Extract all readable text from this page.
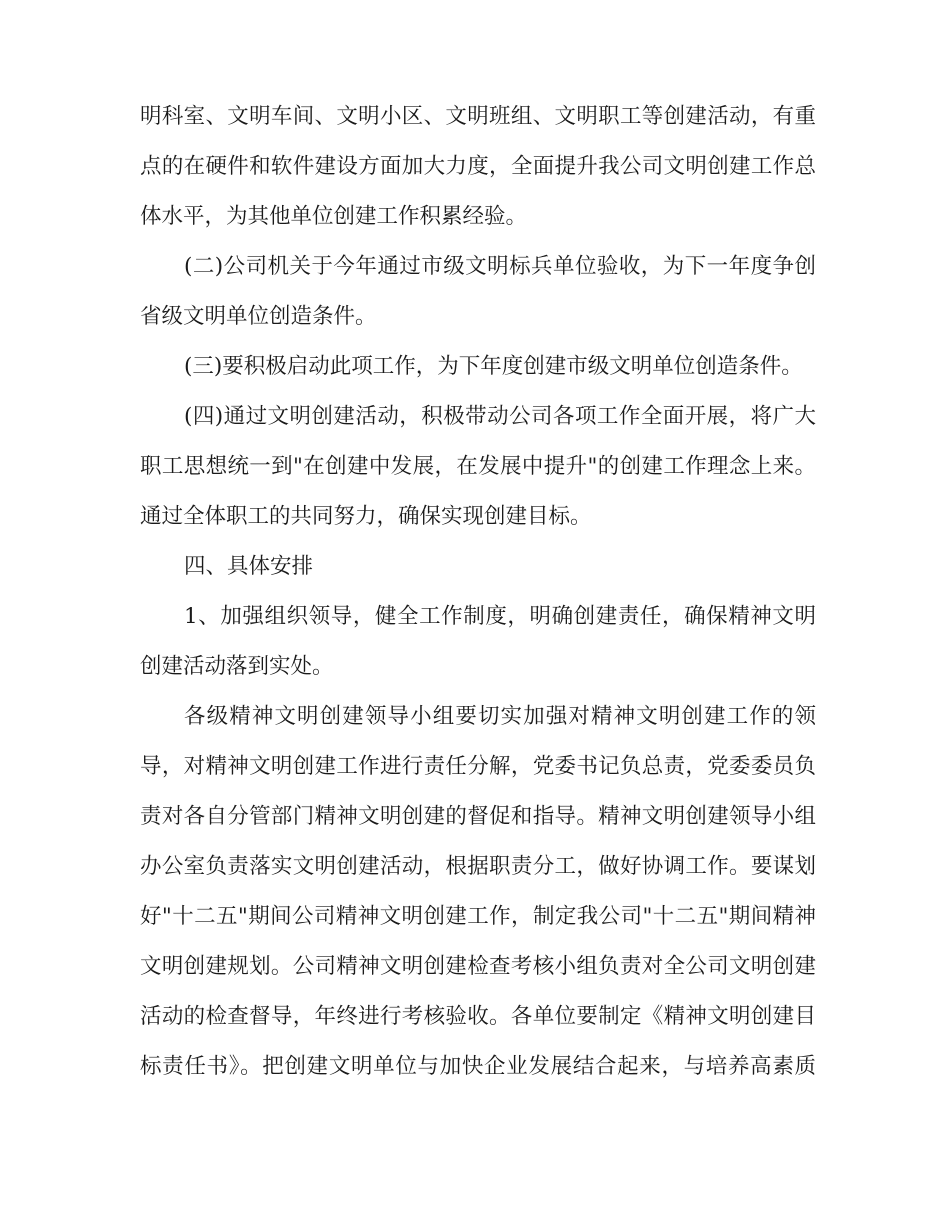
明科室、文明车间、文明小区、文明班组、文明职工等创建活动，有重
点的在硬件和软件建设方面加大力度，全面提升我公司文明创建工作总
体水平，为其他单位创建工作积累经验。
(二)公司机关于今年通过市级文明标兵单位验收，为下一年度争创
省级文明单位创造条件。
(三)要积极启动此项工作，为下年度创建市级文明单位创造条件。
(四)通过文明创建活动，积极带动公司各项工作全面开展，将广大
职工思想统一到"在创建中发展，在发展中提升"的创建工作理念上来。
通过全体职工的共同努力，确保实现创建目标。
四、具体安排
1、加强组织领导，健全工作制度，明确创建责任，确保精神文明
创建活动落到实处。
各级精神文明创建领导小组要切实加强对精神文明创建工作的领
导，对精神文明创建工作进行责任分解，党委书记负总责，党委委员负
责对各自分管部门精神文明创建的督促和指导。精神文明创建领导小组
办公室负责落实文明创建活动，根据职责分工，做好协调工作。要谋划
好"十二五"期间公司精神文明创建工作，制定我公司"十二五"期间精神
文明创建规划。公司精神文明创建检查考核小组负责对全公司文明创建
活动的检查督导，年终进行考核验收。各单位要制定《精神文明创建目
标责任书》。把创建文明单位与加快企业发展结合起来，与培养高素质
